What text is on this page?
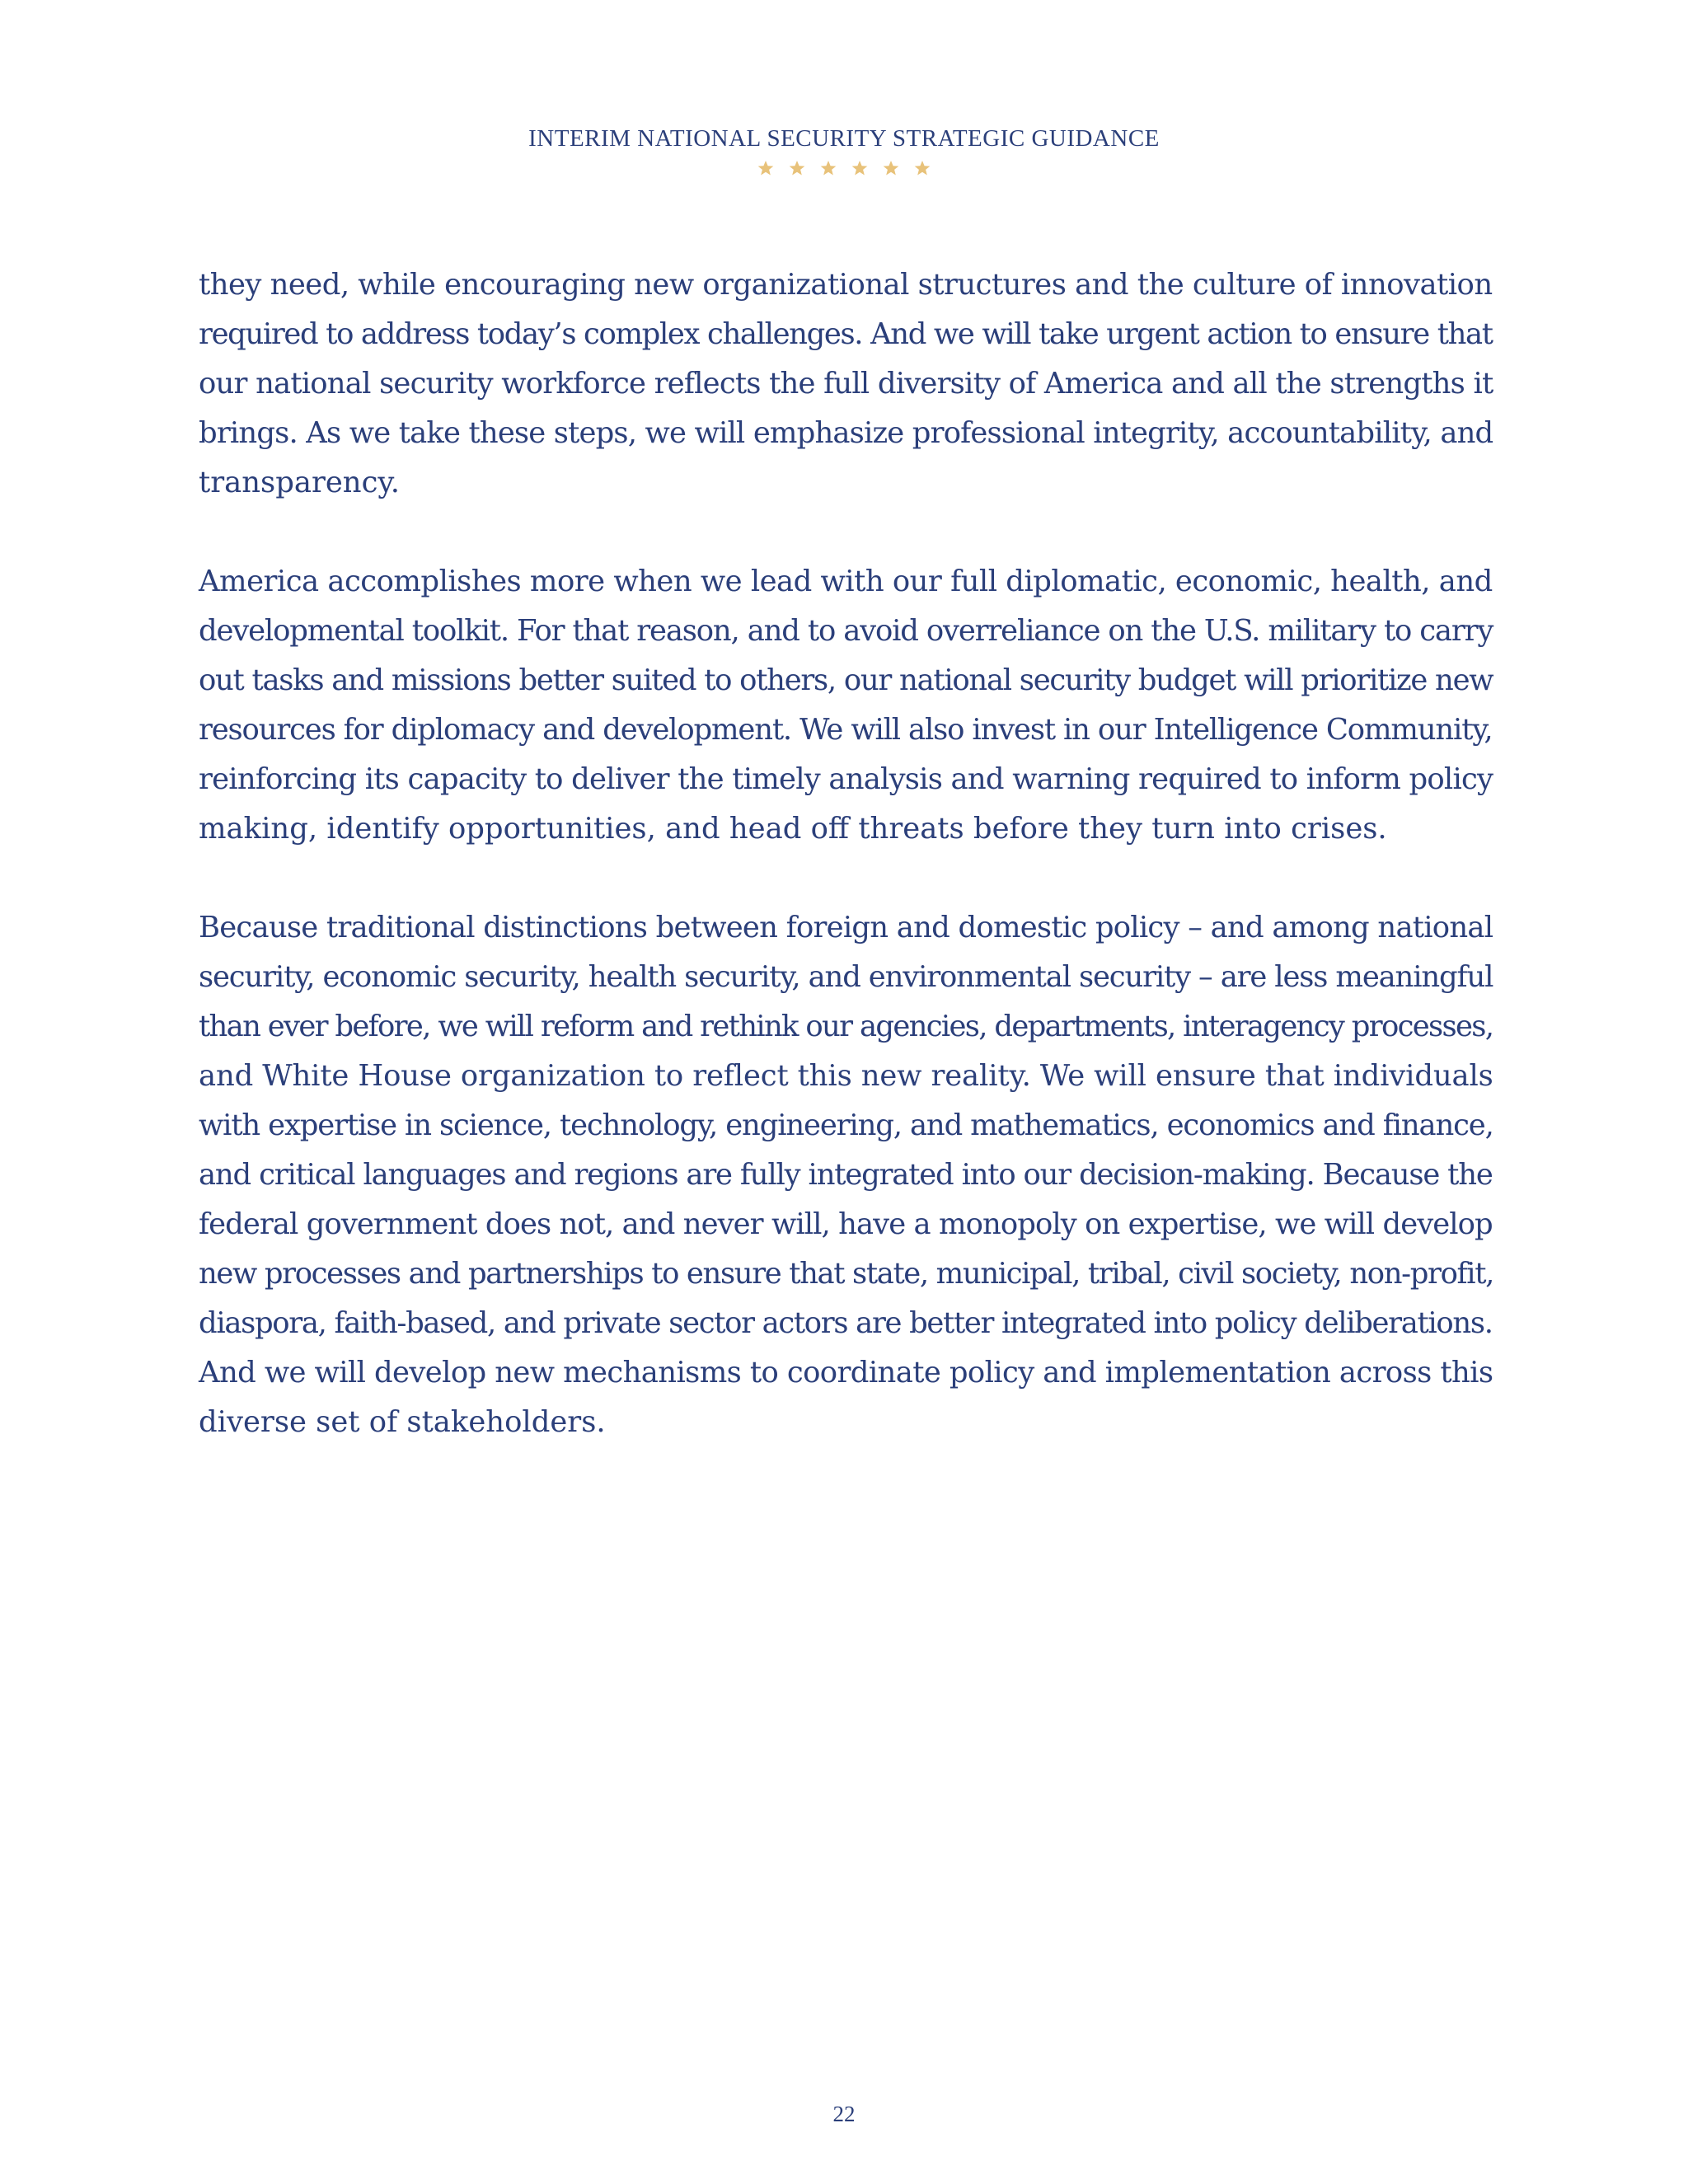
INTERIM NATIONAL SECURITY STRATEGIC GUIDANCE

they need, while encouraging new organizational structures and the culture of innovation
required to address today’s complex challenges. And we will take urgent action to ensure that
our national security workforce reflects the full diversity of America and all the strengths it
brings. As we take these steps, we will emphasize professional integrity, accountability, and
transparency.

America accomplishes more when we lead with our full diplomatic, economic, health, and
developmental toolkit. For that reason, and to avoid overreliance on the U.S. military to carry
out tasks and missions better suited to others, our national security budget will prioritize new
resources for diplomacy and development. We will also invest in our Intelligence Community,
reinforcing its capacity to deliver the timely analysis and warning required to inform policy
making, identify opportunities, and head off threats before they turn into crises.

Because traditional distinctions between foreign and domestic policy – and among national
security, economic security, health security, and environmental security – are less meaningful
than ever before, we will reform and rethink our agencies, departments, interagency processes,
and White House organization to reflect this new reality. We will ensure that individuals
with expertise in science, technology, engineering, and mathematics, economics and finance,
and critical languages and regions are fully integrated into our decision-making. Because the
federal government does not, and never will, have a monopoly on expertise, we will develop
new processes and partnerships to ensure that state, municipal, tribal, civil society, non-profit,
diaspora, faith-based, and private sector actors are better integrated into policy deliberations.
And we will develop new mechanisms to coordinate policy and implementation across this
diverse set of stakeholders.

22
